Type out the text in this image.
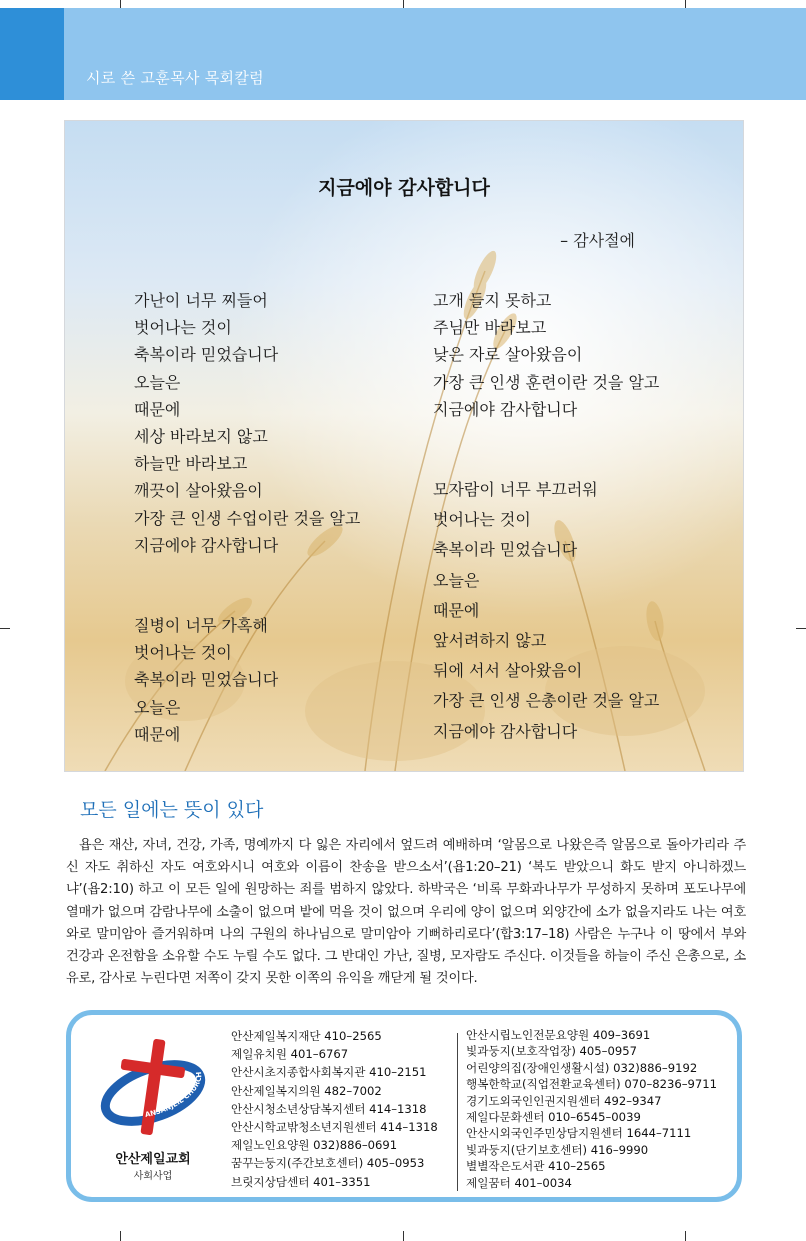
시로 쓴 고훈목사 목회칼럼
지금에야 감사합니다
– 감사절에
가난이 너무 찌들어
벗어나는 것이
축복이라 믿었습니다
오늘은
때문에
세상 바라보지 않고
하늘만 바라보고
깨끗이 살아왔음이
가장 큰 인생 수업이란 것을 알고
지금에야 감사합니다
질병이 너무 가혹해
벗어나는 것이
축복이라 믿었습니다
오늘은
때문에
고개 들지 못하고
주님만 바라보고
낮은 자로 살아왔음이
가장 큰 인생 훈련이란 것을 알고
지금에야 감사합니다
모자람이 너무 부끄러워
벗어나는 것이
축복이라 믿었습니다
오늘은
때문에
앞서려하지 않고
뒤에 서서 살아왔음이
가장 큰 인생 은총이란 것을 알고
지금에야 감사합니다
모든 일에는 뜻이 있다
욥은 재산, 자녀, 건강, 가족, 명예까지 다 잃은 자리에서 엎드려 예배하며 ‘알몸으로 나왔은즉 알몸으로 돌아가리라 주신 자도 취하신 자도 여호와시니 여호와 이름이 찬송을 받으소서’(욥1:20–21) ‘복도 받았으니 화도 받지 아니하겠느냐’(욥2:10) 하고 이 모든 일에 원망하는 죄를 범하지 않았다. 하박국은 ‘비록 무화과나무가 무성하지 못하며 포도나무에 열매가 없으며 감람나무에 소출이 없으며 밭에 먹을 것이 없으며 우리에 양이 없으며 외양간에 소가 없을지라도 나는 여호와로 말미암아 즐거워하며 나의 구원의 하나님으로 말미암아 기뻐하리로다’(합3:17–18) 사람은 누구나 이 땅에서 부와 건강과 온전함을 소유할 수도 누릴 수도 없다. 그 반대인 가난, 질병, 모자람도 주신다. 이것들을 하늘이 주신 은총으로, 소유로, 감사로 누린다면 저쪽이 갖지 못한 이쪽의 유익을 깨닫게 될 것이다.
ANSANJEIL CHURCH
안산제일교회
사회사업
안산제일복지재단 410–2565
제일유치원 401–6767
안산시초지종합사회복지관 410–2151
안산제일복지의원 482–7002
안산시청소년상담복지센터 414–1318
안산시학교밖청소년지원센터 414–1318
제일노인요양원 032)886–0691
꿈꾸는둥지(주간보호센터) 405–0953
브릿지상담센터 401–3351
안산시립노인전문요양원 409–3691
빛과둥지(보호작업장) 405–0957
어린양의집(장애인생활시설) 032)886–9192
행복한학교(직업전환교육센터) 070–8236–9711
경기도외국인인권지원센터 492–9347
제일다문화센터 010–6545–0039
안산시외국인주민상담지원센터 1644–7111
빛과둥지(단기보호센터) 416–9990
별별작은도서관 410–2565
제일꿈터 401–0034
